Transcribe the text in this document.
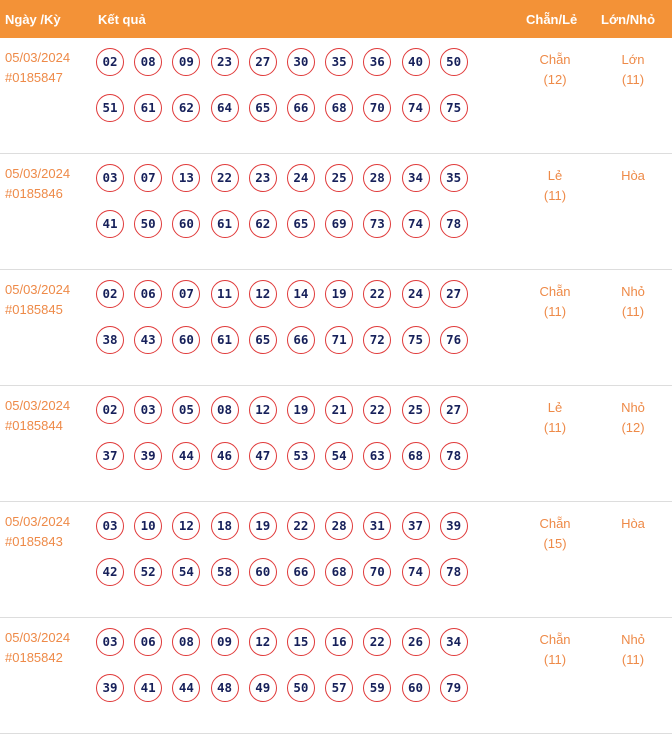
Ngày /Kỳ	Kết quả	Chẵn/Lẻ Lớn/Nhỏ
05/03/2024
#0185847
02 08 09 23 27 30 35 36 40 5051 61 62 64 65 66 68 70 74 75
Chẵn
(12)
Lớn
(11)
05/03/2024
#0185846
03 07 13 22 23 24 25 28 34 3541 50 60 61 62 65 69 73 74 78
Lẻ
(11)
Hòa
05/03/2024
#0185845
02 06 07 11 12 14 19 22 24 2738 43 60 61 65 66 71 72 75 76
Chẵn
(11)
Nhỏ
(11)
05/03/2024
#0185844
02 03 05 08 12 19 21 22 25 2737 39 44 46 47 53 54 63 68 78
Lẻ
(11)
Nhỏ
(12)
05/03/2024
#0185843
03 10 12 18 19 22 28 31 37 3942 52 54 58 60 66 68 70 74 78
Chẵn
(15)
Hòa
05/03/2024
#0185842
03 06 08 09 12 15 16 22 26 3439 41 44 48 49 50 57 59 60 79
Chẵn
(11)
Nhỏ
(11)
